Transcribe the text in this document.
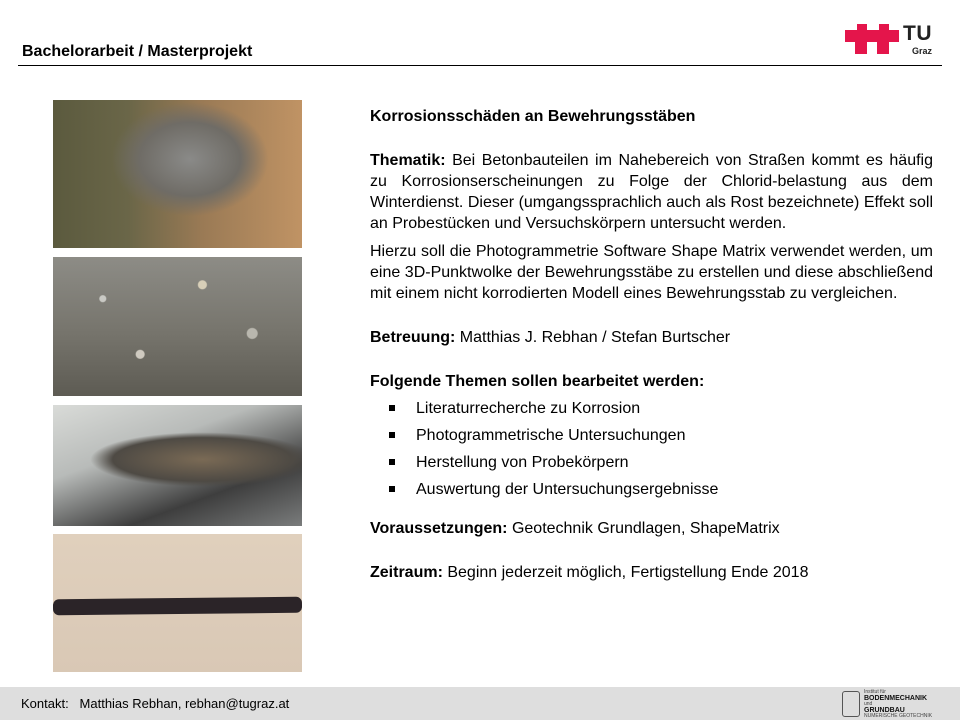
Bachelorarbeit / Masterprojekt
TU
Graz

Korrosionsschäden an Bewehrungsstäben

Thematik: Bei Betonbauteilen im Nahebereich von Straßen kommt es häufig zu Korrosionserscheinungen zu Folge der Chlorid-belastung aus dem Winterdienst. Dieser (umgangssprachlich auch als Rost bezeichnete) Effekt soll an Probestücken und Versuchskörpern untersucht werden.

Hierzu soll die Photogrammetrie Software Shape Matrix verwendet werden, um eine 3D-Punktwolke der Bewehrungsstäbe zu erstellen und diese abschließend mit einem nicht korrodierten Modell eines Bewehrungsstab zu vergleichen.

Betreuung: Matthias J. Rebhan / Stefan Burtscher

Folgende Themen sollen bearbeitet werden:

Literaturrecherche zu Korrosion
Photogrammetrische Untersuchungen
Herstellung von Probekörpern
Auswertung der Untersuchungsergebnisse

Voraussetzungen: Geotechnik Grundlagen, ShapeMatrix

Zeitraum: Beginn jederzeit möglich, Fertigstellung Ende 2018

Kontakt:   Matthias Rebhan, rebhan@tugraz.at
Institut für
BODENMECHANIK
und
GRUNDBAU
NUMERISCHE GEOTECHNIK
